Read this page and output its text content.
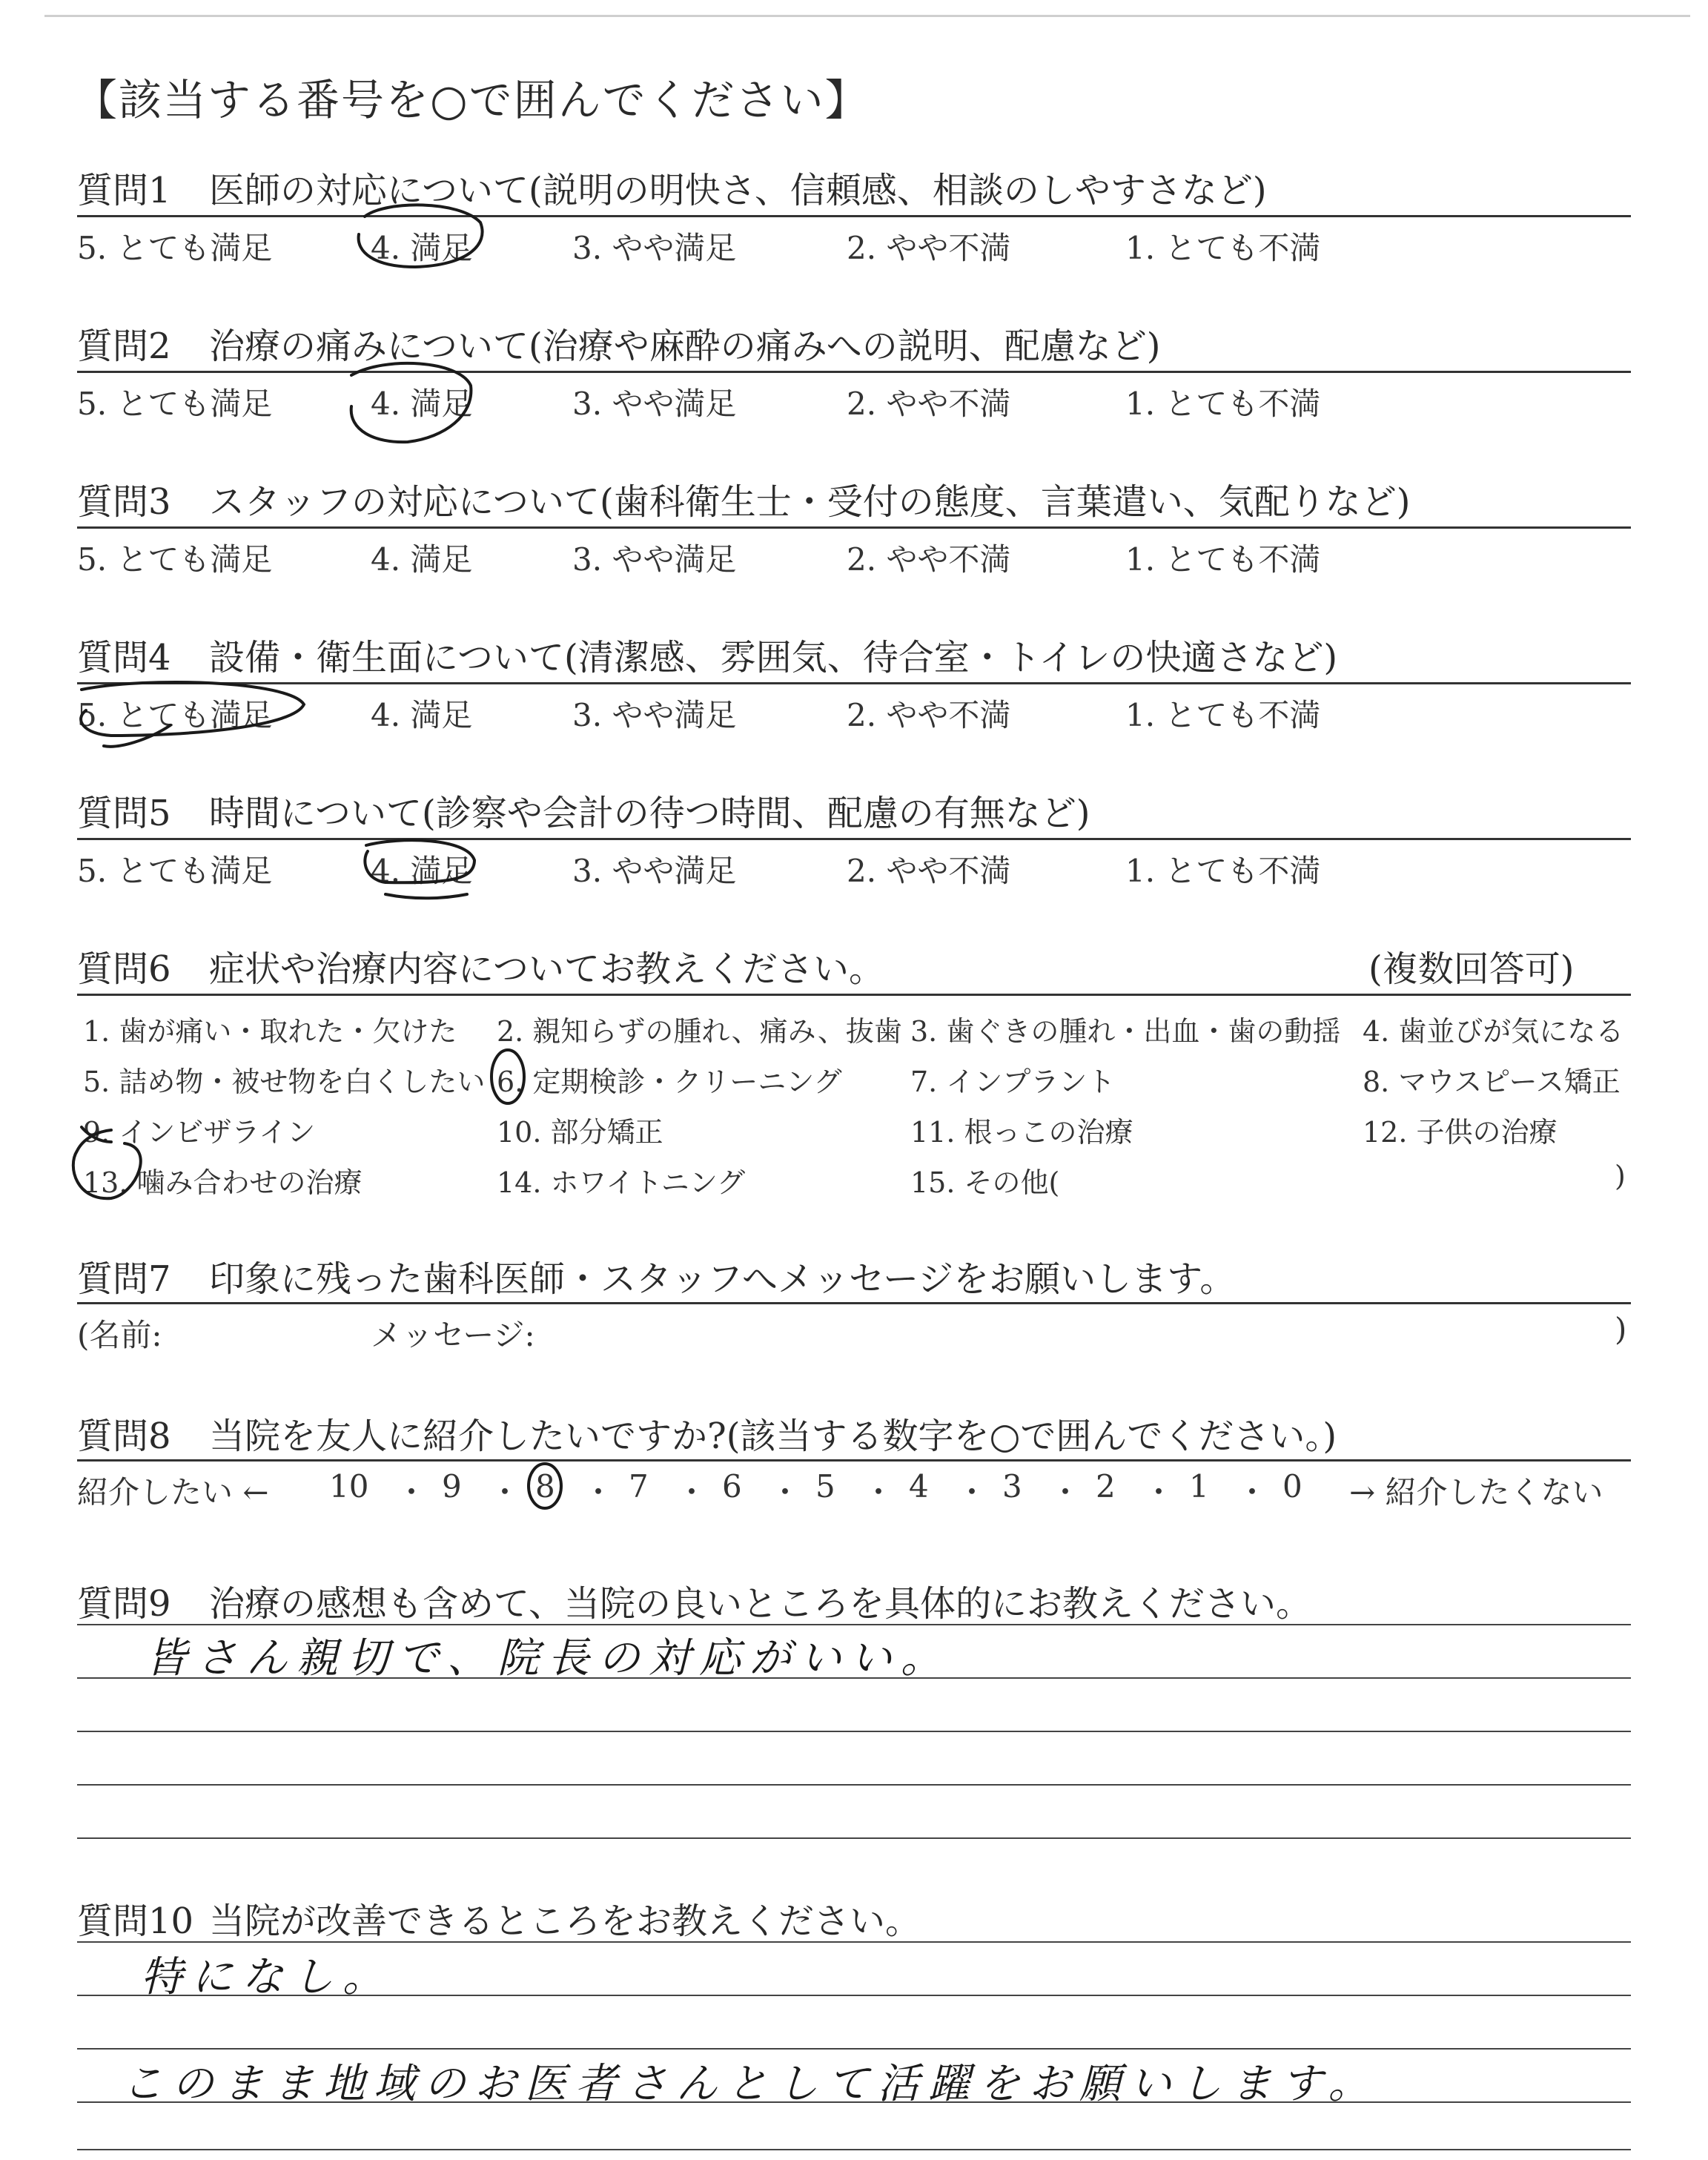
【該当する番号を○で囲んでください】
質問1 医師の対応について(説明の明快さ、信頼感、相談のしやすさなど)
5. とても満足	4. 満足	3. やや満足	2. やや不満	1. とても不満
質問2 治療の痛みについて(治療や麻酔の痛みへの説明、配慮など)
5. とても満足	4. 満足	3. やや満足	2. やや不満	1. とても不満
質問3 スタッフの対応について(歯科衛生士・受付の態度、言葉遣い、気配りなど)
5. とても満足	4. 満足	3. やや満足	2. やや不満	1. とても不満
質問4 設備・衛生面について(清潔感、雰囲気、待合室・トイレの快適さなど)
5. とても満足	4. 満足	3. やや満足	2. やや不満	1. とても不満
質問5 時間について(診察や会計の待つ時間、配慮の有無など)
5. とても満足	4. 満足	3. やや満足	2. やや不満	1. とても不満
質問6 症状や治療内容についてお教えください。	(複数回答可)
1. 歯が痛い・取れた・欠けた 2. 親知らずの腫れ、痛み、抜歯 3. 歯ぐきの腫れ・出血・歯の動揺 4. 歯並びが気になる
5. 詰め物・被せ物を白くしたい 6. 定期検診・クリーニング 7. インプラント	8. マウスピース矯正
9. インビザライン	10. 部分矯正	11. 根っこの治療	12. 子供の治療
13. 噛み合わせの治療	14. ホワイトニング	15. その他(	)
質問7 印象に残った歯科医師・スタッフへメッセージをお願いします。
(名前:	メッセージ:	)
質問8 当院を友人に紹介したいですか?(該当する数字を○で囲んでください。)
紹介したい ← 10 ・ 9 ・ 8 ・ 7 ・ 6 ・ 5 ・ 4 ・ 3 ・ 2 ・ 1 ・ 0 → 紹介したくない
質問9 治療の感想も含めて、当院の良いところを具体的にお教えください。
皆さん親切で、院長の対応がいい。
質問10 当院が改善できるところをお教えください。
特になし。
このまま地域のお医者さんとして活躍をお願いします。
